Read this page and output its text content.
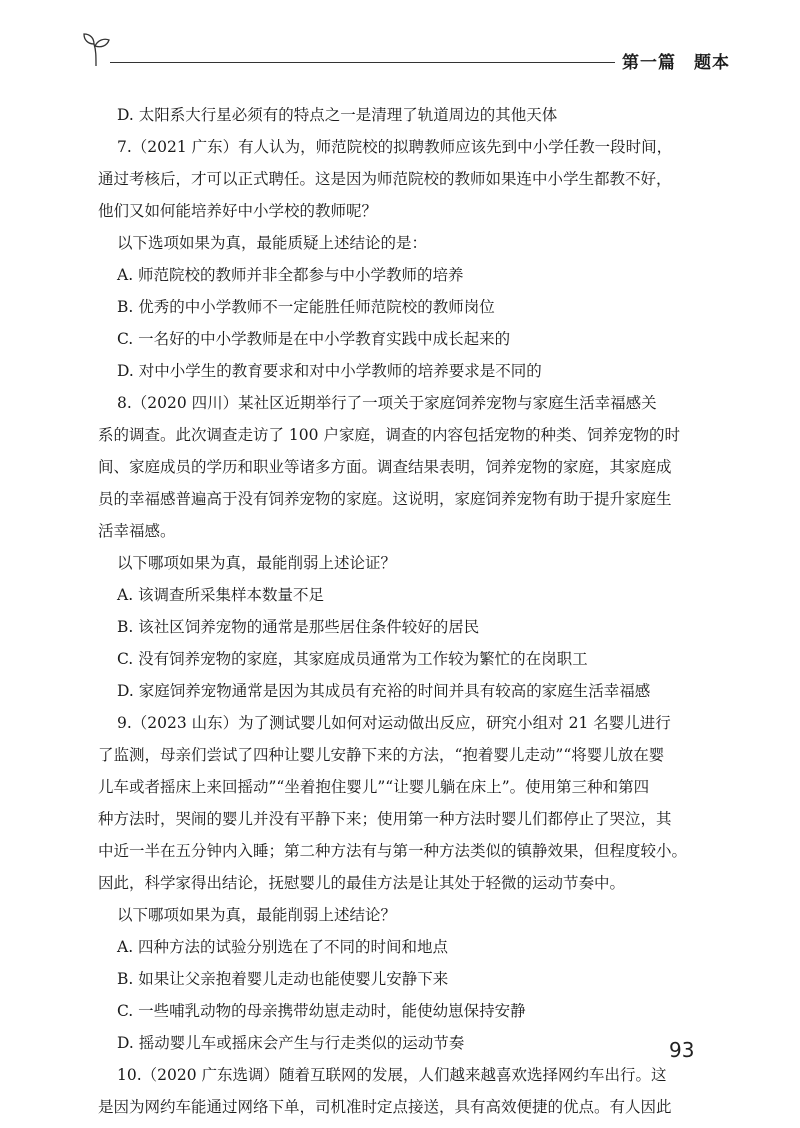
第一篇　题本
D. 太阳系大行星必须有的特点之一是清理了轨道周边的其他天体
7.（2021 广东）有人认为，师范院校的拟聘教师应该先到中小学任教一段时间，
通过考核后，才可以正式聘任。这是因为师范院校的教师如果连中小学生都教不好，
他们又如何能培养好中小学校的教师呢？
以下选项如果为真，最能质疑上述结论的是：
A. 师范院校的教师并非全都参与中小学教师的培养
B. 优秀的中小学教师不一定能胜任师范院校的教师岗位
C. 一名好的中小学教师是在中小学教育实践中成长起来的
D. 对中小学生的教育要求和对中小学教师的培养要求是不同的
8.（2020 四川）某社区近期举行了一项关于家庭饲养宠物与家庭生活幸福感关
系的调查。此次调查走访了 100 户家庭，调查的内容包括宠物的种类、饲养宠物的时
间、家庭成员的学历和职业等诸多方面。调查结果表明，饲养宠物的家庭，其家庭成
员的幸福感普遍高于没有饲养宠物的家庭。这说明，家庭饲养宠物有助于提升家庭生
活幸福感。
以下哪项如果为真，最能削弱上述论证？
A. 该调查所采集样本数量不足
B. 该社区饲养宠物的通常是那些居住条件较好的居民
C. 没有饲养宠物的家庭，其家庭成员通常为工作较为繁忙的在岗职工
D. 家庭饲养宠物通常是因为其成员有充裕的时间并具有较高的家庭生活幸福感
9.（2023 山东）为了测试婴儿如何对运动做出反应，研究小组对 21 名婴儿进行
了监测，母亲们尝试了四种让婴儿安静下来的方法，“抱着婴儿走动”“将婴儿放在婴
儿车或者摇床上来回摇动”“坐着抱住婴儿”“让婴儿躺在床上”。使用第三种和第四
种方法时，哭闹的婴儿并没有平静下来；使用第一种方法时婴儿们都停止了哭泣，其
中近一半在五分钟内入睡；第二种方法有与第一种方法类似的镇静效果，但程度较小。
因此，科学家得出结论，抚慰婴儿的最佳方法是让其处于轻微的运动节奏中。
以下哪项如果为真，最能削弱上述结论？
A. 四种方法的试验分别选在了不同的时间和地点
B. 如果让父亲抱着婴儿走动也能使婴儿安静下来
C. 一些哺乳动物的母亲携带幼崽走动时，能使幼崽保持安静
D. 摇动婴儿车或摇床会产生与行走类似的运动节奏
10.（2020 广东选调）随着互联网的发展，人们越来越喜欢选择网约车出行。这
是因为网约车能通过网络下单，司机准时定点接送，具有高效便捷的优点。有人因此
93
